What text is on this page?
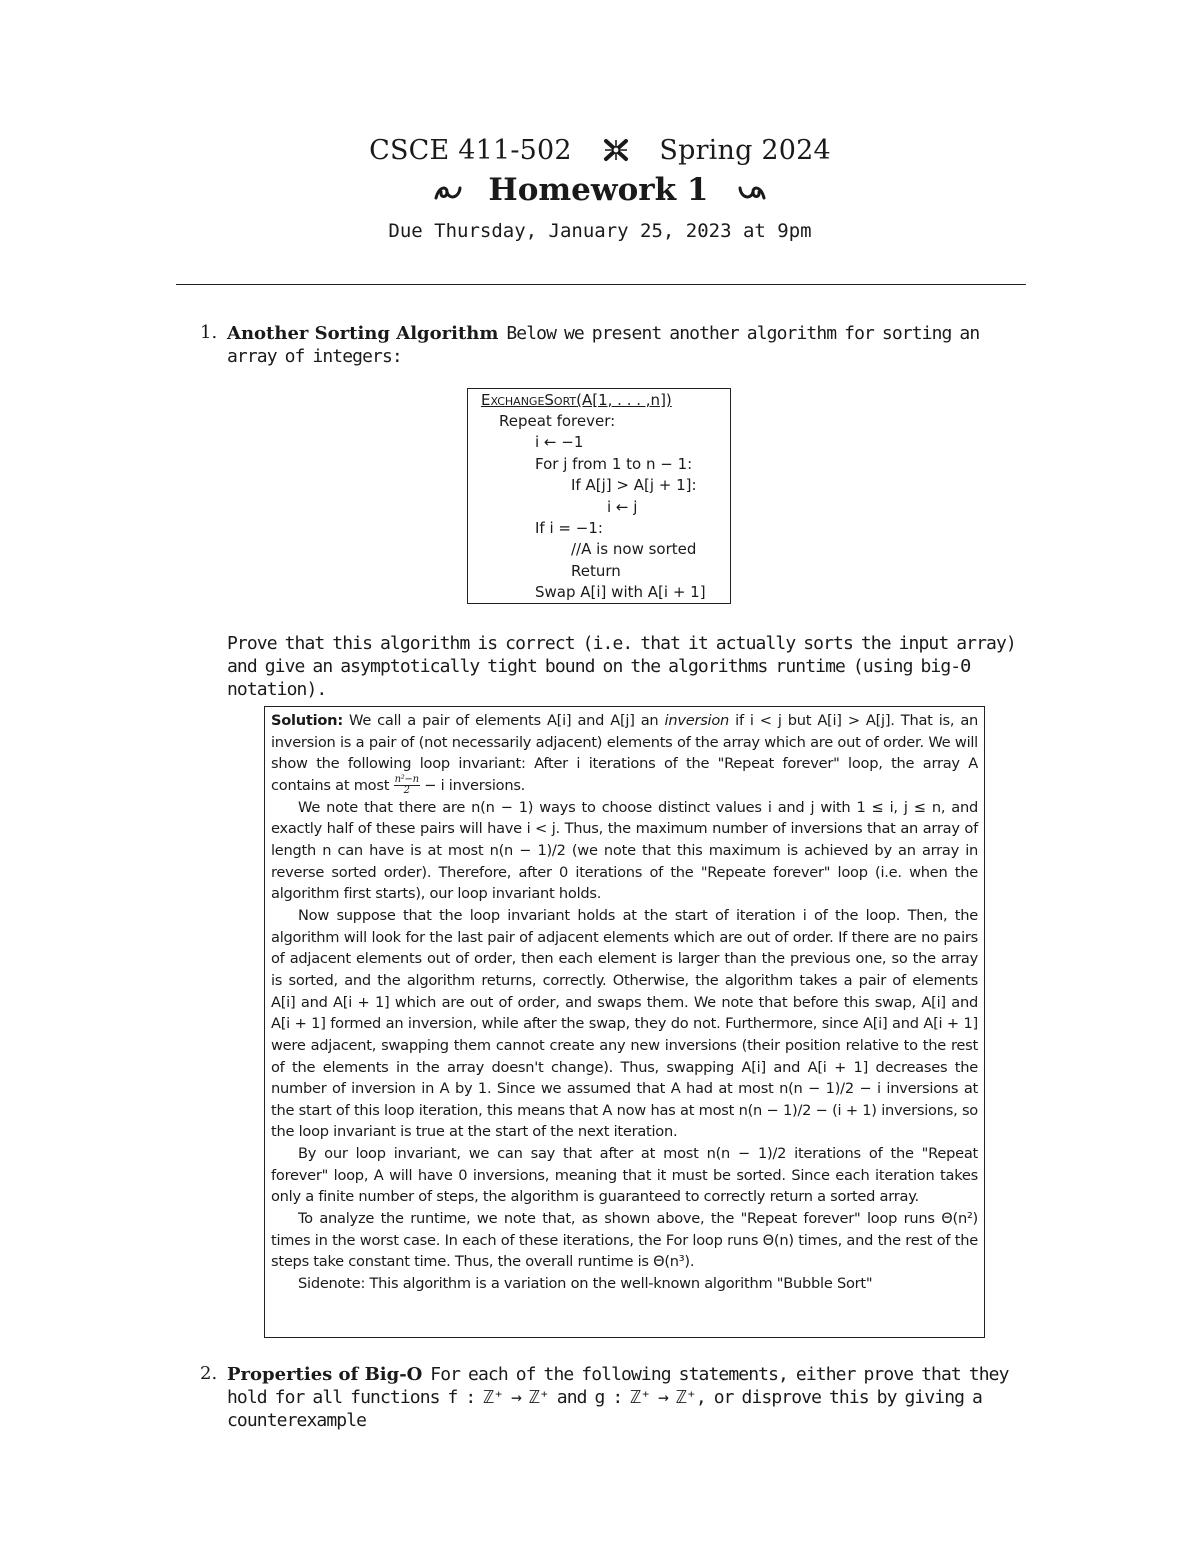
CSCE 411-502	Spring 2024
Homework 1
Due Thursday, January 25, 2023 at 9pm
1. Another Sorting Algorithm Below we present another algorithm for sorting an array of integers:
ExchangeSort(A[1, . . . ,n])
Repeat forever:
i ← −1
For j from 1 to n − 1:
If A[j] > A[j + 1]:
i ← j
If i = −1:
//A is now sorted
Return
Swap A[i] with A[i + 1]
Prove that this algorithm is correct (i.e. that it actually sorts the input array) and give an asymptotically tight bound on the algorithms runtime (using big-Θ notation).

Solution: We call a pair of elements A[i] and A[j] an inversion if i < j but A[i] > A[j]. That is, an inversion is a pair of (not necessarily adjacent) elements of the array which are out of order. We will show the following loop invariant: After i iterations of the "Repeat forever" loop, the array A contains at most $\frac{\text{n²−n}}{2} - i$ inversions.

We note that there are n(n − 1) ways to choose distinct values i and j with 1 ≤ i, j ≤ n, and exactly half of these pairs will have i < j. Thus, the maximum number of inversions that an array of length n can have is at most n(n − 1)/2 (we note that this maximum is achieved by an array in reverse sorted order). Therefore, after 0 iterations of the "Repeate forever" loop (i.e. when the algorithm first starts), our loop invariant holds.

Now suppose that the loop invariant holds at the start of iteration i of the loop. Then, the algorithm will look for the last pair of adjacent elements which are out of order. If there are no pairs of adjacent elements out of order, then each element is larger than the previous one, so the array is sorted, and the algorithm returns, correctly. Otherwise, the algorithm takes a pair of elements A[i] and A[i + 1] which are out of order, and swaps them. We note that before this swap, A[i] and A[i + 1] formed an inversion, while after the swap, they do not. Furthermore, since A[i] and A[i + 1] were adjacent, swapping them cannot create any new inversions (their position relative to the rest of the elements in the array doesn't change). Thus, swapping A[i] and A[i + 1] decreases the number of inversion in A by 1. Since we assumed that A had at most n(n − 1)/2 − i inversions at the start of this loop iteration, this means that A now has at most n(n − 1)/2 − (i + 1) inversions, so the loop invariant is true at the start of the next iteration.

By our loop invariant, we can say that after at most n(n − 1)/2 iterations of the "Repeat forever" loop, A will have 0 inversions, meaning that it must be sorted. Since each iteration takes only a finite number of steps, the algorithm is guaranteed to correctly return a sorted array.

To analyze the runtime, we note that, as shown above, the "Repeat forever" loop runs Θ(n²) times in the worst case. In each of these iterations, the For loop runs Θ(n) times, and the rest of the steps take constant time. Thus, the overall runtime is Θ(n³).

Sidenote: This algorithm is a variation on the well-known algorithm "Bubble Sort"

2. Properties of Big-O For each of the following statements, either prove that they hold for all functions f : ℤ⁺ → ℤ⁺ and g : ℤ⁺ → ℤ⁺, or disprove this by giving a counterexample
